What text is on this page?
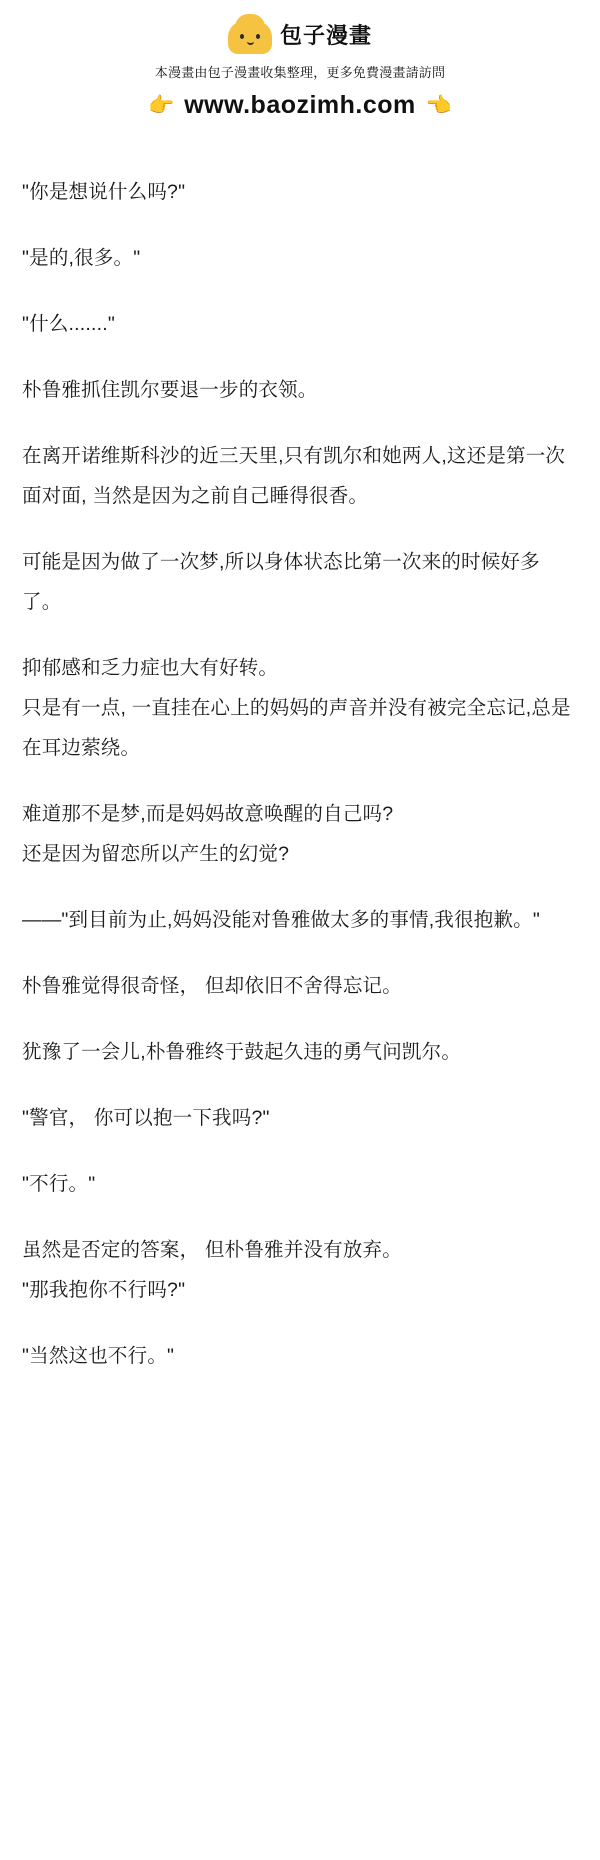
包子漫畫
本漫畫由包子漫畫收集整理，更多免費漫畫請訪問
👉 www.baozimh.com 👈

"你是想说什么吗?"

"是的,很多。"

"什么......."

朴鲁雅抓住凯尔要退一步的衣领。

在离开诺维斯科沙的近三天里,只有凯尔和她两人,这还是第一次面对面, 当然是因为之前自己睡得很香。

可能是因为做了一次梦,所以身体状态比第一次来的时候好多了。

抑郁感和乏力症也大有好转。

只是有一点, 一直挂在心上的妈妈的声音并没有被完全忘记,总是在耳边萦绕。

难道那不是梦,而是妈妈故意唤醒的自己吗?

还是因为留恋所以产生的幻觉?

——"到目前为止,妈妈没能对鲁雅做太多的事情,我很抱歉。"

朴鲁雅觉得很奇怪， 但却依旧不舍得忘记。

犹豫了一会儿,朴鲁雅终于鼓起久违的勇气问凯尔。

"警官， 你可以抱一下我吗?"

"不行。"

虽然是否定的答案， 但朴鲁雅并没有放弃。

"那我抱你不行吗?"

"当然这也不行。"
